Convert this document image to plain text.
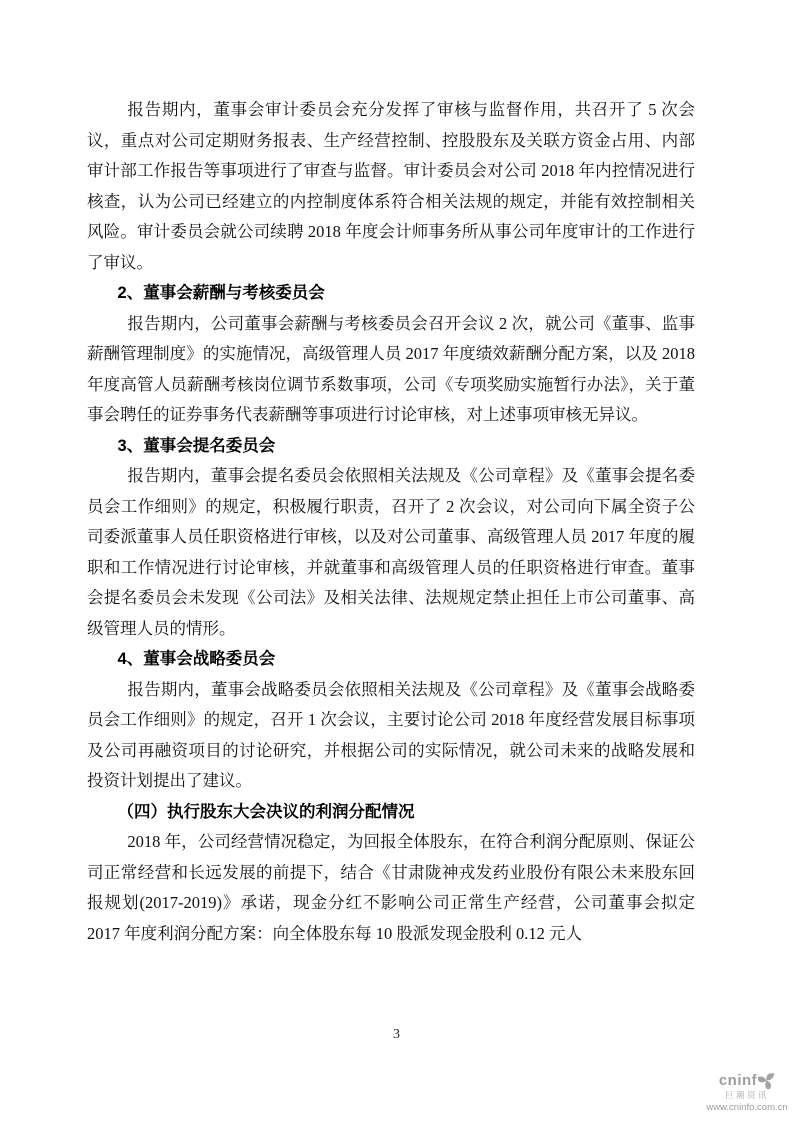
报告期内，董事会审计委员会充分发挥了审核与监督作用，共召开了 5 次会议，重点对公司定期财务报表、生产经营控制、控股股东及关联方资金占用、内部审计部工作报告等事项进行了审查与监督。审计委员会对公司 2018 年内控情况进行核查，认为公司已经建立的内控制度体系符合相关法规的规定，并能有效控制相关风险。审计委员会就公司续聘 2018 年度会计师事务所从事公司年度审计的工作进行了审议。

2、董事会薪酬与考核委员会

报告期内，公司董事会薪酬与考核委员会召开会议 2 次，就公司《董事、监事薪酬管理制度》的实施情况，高级管理人员 2017 年度绩效薪酬分配方案，以及 2018 年度高管人员薪酬考核岗位调节系数事项，公司《专项奖励实施暂行办法》，关于董事会聘任的证券事务代表薪酬等事项进行讨论审核，对上述事项审核无异议。

3、董事会提名委员会

报告期内，董事会提名委员会依照相关法规及《公司章程》及《董事会提名委员会工作细则》的规定，积极履行职责，召开了 2 次会议，对公司向下属全资子公司委派董事人员任职资格进行审核，以及对公司董事、高级管理人员 2017 年度的履职和工作情况进行讨论审核，并就董事和高级管理人员的任职资格进行审查。董事会提名委员会未发现《公司法》及相关法律、法规规定禁止担任上市公司董事、高级管理人员的情形。

4、董事会战略委员会

报告期内，董事会战略委员会依照相关法规及《公司章程》及《董事会战略委员会工作细则》的规定，召开 1 次会议，主要讨论公司 2018 年度经营发展目标事项及公司再融资项目的讨论研究，并根据公司的实际情况，就公司未来的战略发展和投资计划提出了建议。

（四）执行股东大会决议的利润分配情况

2018 年，公司经营情况稳定，为回报全体股东，在符合利润分配原则、保证公司正常经营和长远发展的前提下，结合《甘肃陇神戎发药业股份有限公未来股东回报规划(2017-2019)》承诺，现金分红不影响公司正常生产经营，公司董事会拟定 2017 年度利润分配方案：向全体股东每 10 股派发现金股利 0.12 元人

3
cninf
巨潮资讯
www.cninfo.com.cn
